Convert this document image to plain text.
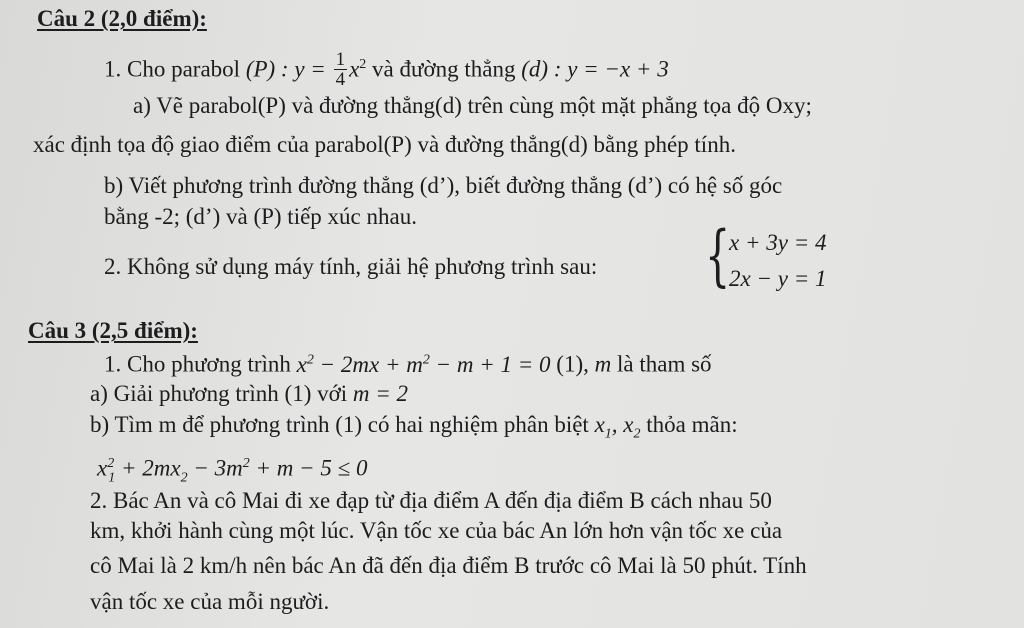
Câu 2 (2,0 điểm):
1. Cho parabol (P) : $y = \frac{1}{4} x^2$ và đường thẳng (d) : y = −x + 3
a) Vẽ parabol(P) và đường thẳng(d) trên cùng một mặt phẳng tọa độ Oxy;
xác định tọa độ giao điểm của parabol(P) và đường thẳng(d) bằng phép tính.
b) Viết phương trình đường thẳng (d’), biết đường thẳng (d’) có hệ số góc
bằng -2; (d’) và (P) tiếp xúc nhau.
2. Không sử dụng máy tính, giải hệ phương trình sau: {
x + 3y = 4
2x − y = 1
Câu 3 (2,5 điểm):
1. Cho phương trình $x^2 - 2mx + m^2 - m + 1 = 0$ (1), m là tham số
a) Giải phương trình (1) với m = 2
b) Tìm m để phương trình (1) có hai nghiệm phân biệt $x_1$, $x_2$ thỏa mãn:
$x^2_1 + 2mx_2 - 3m^2 + m - 5 \le 0$
2. Bác An và cô Mai đi xe đạp từ địa điểm A đến địa điểm B cách nhau 50
km, khởi hành cùng một lúc. Vận tốc xe của bác An lớn hơn vận tốc xe của
cô Mai là 2 km/h nên bác An đã đến địa điểm B trước cô Mai là 50 phút. Tính
vận tốc xe của mỗi người.
